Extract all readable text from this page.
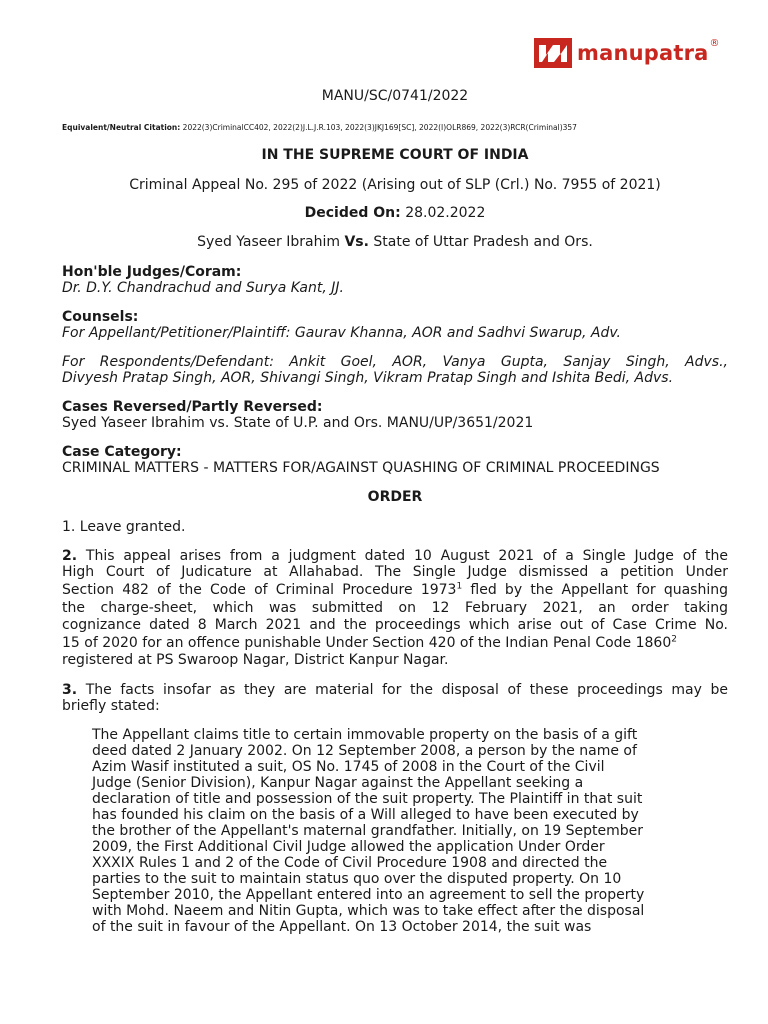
manupatra ®

MANU/SC/0741/2022

Equivalent/Neutral Citation: 2022(3)CriminalCC402, 2022(2)J.L.J.R.103, 2022(3)JKJ169[SC], 2022(I)OLR869, 2022(3)RCR(Criminal)357

IN THE SUPREME COURT OF INDIA

Criminal Appeal No. 295 of 2022 (Arising out of SLP (Crl.) No. 7955 of 2021)

Decided On: 28.02.2022

Syed Yaseer Ibrahim Vs. State of Uttar Pradesh and Ors.

Hon'ble Judges/Coram:

Dr. D.Y. Chandrachud and Surya Kant, JJ.

Counsels:

For Appellant/Petitioner/Plaintiff: Gaurav Khanna, AOR and Sadhvi Swarup, Adv.

For Respondents/Defendant: Ankit Goel, AOR, Vanya Gupta, Sanjay Singh, Advs.,

Divyesh Pratap Singh, AOR, Shivangi Singh, Vikram Pratap Singh and Ishita Bedi, Advs.

Cases Reversed/Partly Reversed:

Syed Yaseer Ibrahim vs. State of U.P. and Ors. MANU/UP/3651/2021

Case Category:

CRIMINAL MATTERS - MATTERS FOR/AGAINST QUASHING OF CRIMINAL PROCEEDINGS

ORDER

1. Leave granted.

2. This appeal arises from a judgment dated 10 August 2021 of a Single Judge of the

High Court of Judicature at Allahabad. The Single Judge dismissed a petition Under

Section 482 of the Code of Criminal Procedure 1973$^1$ fled by the Appellant for quashing

the charge-sheet, which was submitted on 12 February 2021, an order taking

cognizance dated 8 March 2021 and the proceedings which arise out of Case Crime No.

15 of 2020 for an offence punishable Under Section 420 of the Indian Penal Code 1860$^2$

registered at PS Swaroop Nagar, District Kanpur Nagar.

3. The facts insofar as they are material for the disposal of these proceedings may be

briefly stated:

The Appellant claims title to certain immovable property on the basis of a gift

deed dated 2 January 2002. On 12 September 2008, a person by the name of

Azim Wasif instituted a suit, OS No. 1745 of 2008 in the Court of the Civil

Judge (Senior Division), Kanpur Nagar against the Appellant seeking a

declaration of title and possession of the suit property. The Plaintiff in that suit

has founded his claim on the basis of a Will alleged to have been executed by

the brother of the Appellant's maternal grandfather. Initially, on 19 September

2009, the First Additional Civil Judge allowed the application Under Order

XXXIX Rules 1 and 2 of the Code of Civil Procedure 1908 and directed the

parties to the suit to maintain status quo over the disputed property. On 10

September 2010, the Appellant entered into an agreement to sell the property

with Mohd. Naeem and Nitin Gupta, which was to take effect after the disposal

of the suit in favour of the Appellant. On 13 October 2014, the suit was
